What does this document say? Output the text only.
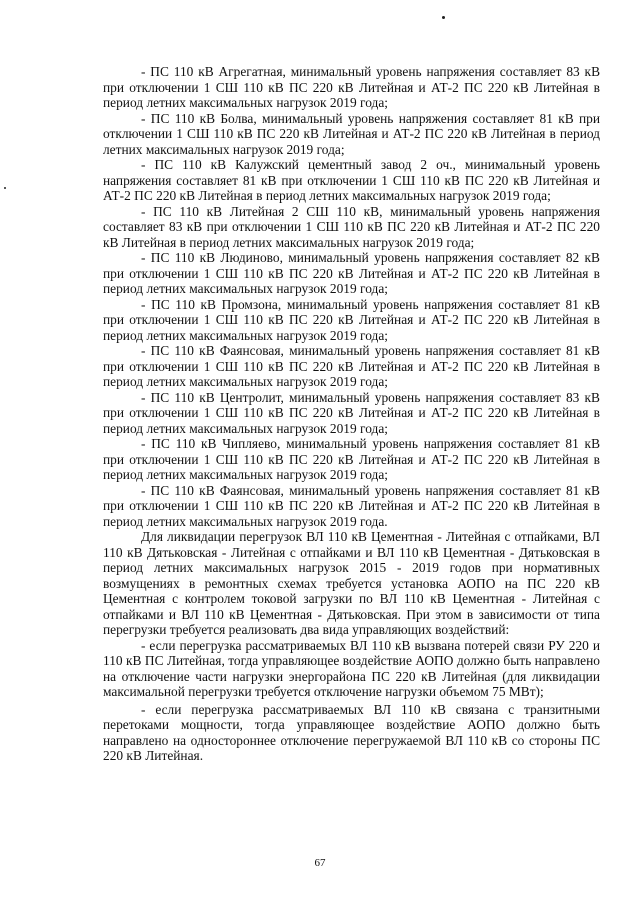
- ПС 110 кВ Агрегатная, минимальный уровень напряжения составляет 83 кВ при отключении 1 СШ 110 кВ ПС 220 кВ Литейная и АТ-2 ПС 220 кВ Литейная в период летних максимальных нагрузок 2019 года;

- ПС 110 кВ Болва, минимальный уровень напряжения составляет 81 кВ при отключении 1 СШ 110 кВ ПС 220 кВ Литейная и АТ-2 ПС 220 кВ Литейная в период летних максимальных нагрузок 2019 года;

- ПС 110 кВ Калужский цементный завод 2 оч., минимальный уровень напряжения составляет 81 кВ при отключении 1 СШ 110 кВ ПС 220 кВ Литейная и АТ-2 ПС 220 кВ Литейная в период летних максимальных нагрузок 2019 года;

- ПС 110 кВ Литейная 2 СШ 110 кВ, минимальный уровень напряжения составляет 83 кВ при отключении 1 СШ 110 кВ ПС 220 кВ Литейная и АТ-2 ПС 220 кВ Литейная в период летних максимальных нагрузок 2019 года;

- ПС 110 кВ Людиново, минимальный уровень напряжения составляет 82 кВ при отключении 1 СШ 110 кВ ПС 220 кВ Литейная и АТ-2 ПС 220 кВ Литейная в период летних максимальных нагрузок 2019 года;

- ПС 110 кВ Промзона, минимальный уровень напряжения составляет 81 кВ при отключении 1 СШ 110 кВ ПС 220 кВ Литейная и АТ-2 ПС 220 кВ Литейная в период летних максимальных нагрузок 2019 года;

- ПС 110 кВ Фаянсовая, минимальный уровень напряжения составляет 81 кВ при отключении 1 СШ 110 кВ ПС 220 кВ Литейная и АТ-2 ПС 220 кВ Литейная в период летних максимальных нагрузок 2019 года;

- ПС 110 кВ Центролит, минимальный уровень напряжения составляет 83 кВ при отключении 1 СШ 110 кВ ПС 220 кВ Литейная и АТ-2 ПС 220 кВ Литейная в период летних максимальных нагрузок 2019 года;

- ПС 110 кВ Чипляево, минимальный уровень напряжения составляет 81 кВ при отключении 1 СШ 110 кВ ПС 220 кВ Литейная и АТ-2 ПС 220 кВ Литейная в период летних максимальных нагрузок 2019 года;

- ПС 110 кВ Фаянсовая, минимальный уровень напряжения составляет 81 кВ при отключении 1 СШ 110 кВ ПС 220 кВ Литейная и АТ-2 ПС 220 кВ Литейная в период летних максимальных нагрузок 2019 года.

Для ликвидации перегрузок ВЛ 110 кВ Цементная - Литейная с отпайками, ВЛ 110 кВ Дятьковская - Литейная с отпайками и ВЛ 110 кВ Цементная - Дятьковская в период летних максимальных нагрузок 2015 - 2019 годов при нормативных возмущениях в ремонтных схемах требуется установка АОПО на ПС 220 кВ Цементная с контролем токовой загрузки по ВЛ 110 кВ Цементная - Литейная с отпайками и ВЛ 110 кВ Цементная - Дятьковская. При этом в зависимости от типа перегрузки требуется реализовать два вида управляющих воздействий:

- если перегрузка рассматриваемых ВЛ 110 кВ вызвана потерей связи РУ 220 и 110 кВ ПС Литейная, тогда управляющее воздействие АОПО должно быть направлено на отключение части нагрузки энергорайона ПС 220 кВ Литейная (для ликвидации максимальной перегрузки требуется отключение нагрузки объемом 75 МВт);

- если перегрузка рассматриваемых ВЛ 110 кВ связана с транзитными перетоками мощности, тогда управляющее воздействие АОПО должно быть направлено на одностороннее отключение перегружаемой ВЛ 110 кВ со стороны ПС 220 кВ Литейная.

67
